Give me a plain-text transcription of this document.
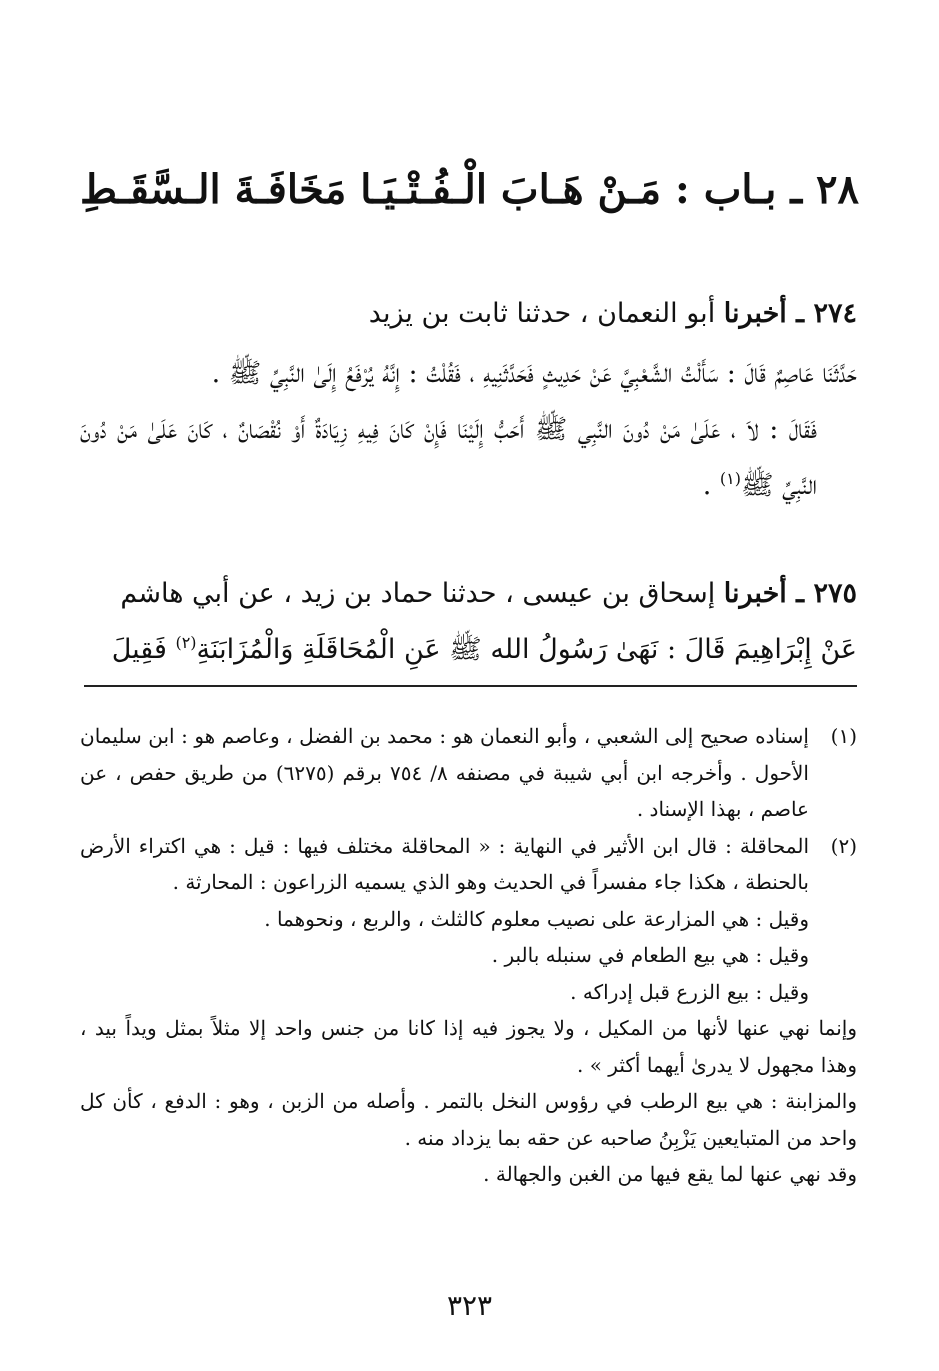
٢٨ ـ بـاب : مَـنْ هَـابَ الْـفُـتْـيَـا مَخَافَـةَ الـسَّقَـطِ

٢٧٤ ـ أخبرنا أبو النعمان ، حدثنا ثابت بن يزيد

حَدَّثَنَا عَاصِمٌ قَالَ : سَأَلْتُ الشَّعْبِيَّ عَنْ حَدِيثٍ فَحَدَّثَنِيهِ ، فَقُلْتُ : إِنَّهُ يُرْفَعُ إِلَىٰ النَّبِيِّ ﷺ .

فَقَالَ : لاَ ، عَلَىٰ مَنْ دُونَ النَّبِي ﷺ أَحَبُّ إِلَيْنَا فَإِنْ كَانَ فِيهِ زِيَادَةٌ أَوْ نُقْصَانٌ ، كَانَ عَلَىٰ مَنْ دُونَ النَّبِيِّ ﷺ$^{(١)}$ .

٢٧٥ ـ أخبرنا إسحاق بن عيسى ، حدثنا حماد بن زيد ، عن أبي هاشم

عَنْ إِبْرَاهِيمَ قَالَ : نَهَىٰ رَسُولُ الله ﷺ عَنِ الْمُحَاقَلَةِ وَالْمُزَابَنَةِ$^{(٢)}$ فَقِيلَ

(١)

إسناده صحيح إلى الشعبي ، وأبو النعمان هو : محمد بن الفضل ، وعاصم هو : ابن سليمان الأحول . وأخرجه ابن أبي شيبة في مصنفه ٨/ ٧٥٤ برقم (٦٢٧٥) من طريق حفص ، عن عاصم ، بهذا الإسناد .

(٢)

المحاقلة : قال ابن الأثير في النهاية : « المحاقلة مختلف فيها : قيل : هي اكتراء الأرض بالحنطة ، هكذا جاء مفسراً في الحديث وهو الذي يسميه الزراعون : المحارثة .

وقيل : هي المزارعة على نصيب معلوم كالثلث ، والربع ، ونحوهما .

وقيل : هي بيع الطعام في سنبله بالبر .

وقيل : بيع الزرع قبل إدراكه .

وإنما نهي عنها لأنها من المكيل ، ولا يجوز فيه إذا كانا من جنس واحد إلا مثلاً بمثل ويداً بيد ، وهذا مجهول لا يدرىٰ أيهما أكثر » .

والمزابنة : هي بيع الرطب في رؤوس النخل بالتمر . وأصله من الزبن ، وهو : الدفع ، كأن كل واحد من المتبايعين يَزْبِنُ صاحبه عن حقه بما يزداد منه .

وقد نهي عنها لما يقع فيها من الغبن والجهالة .

٣٢٣
